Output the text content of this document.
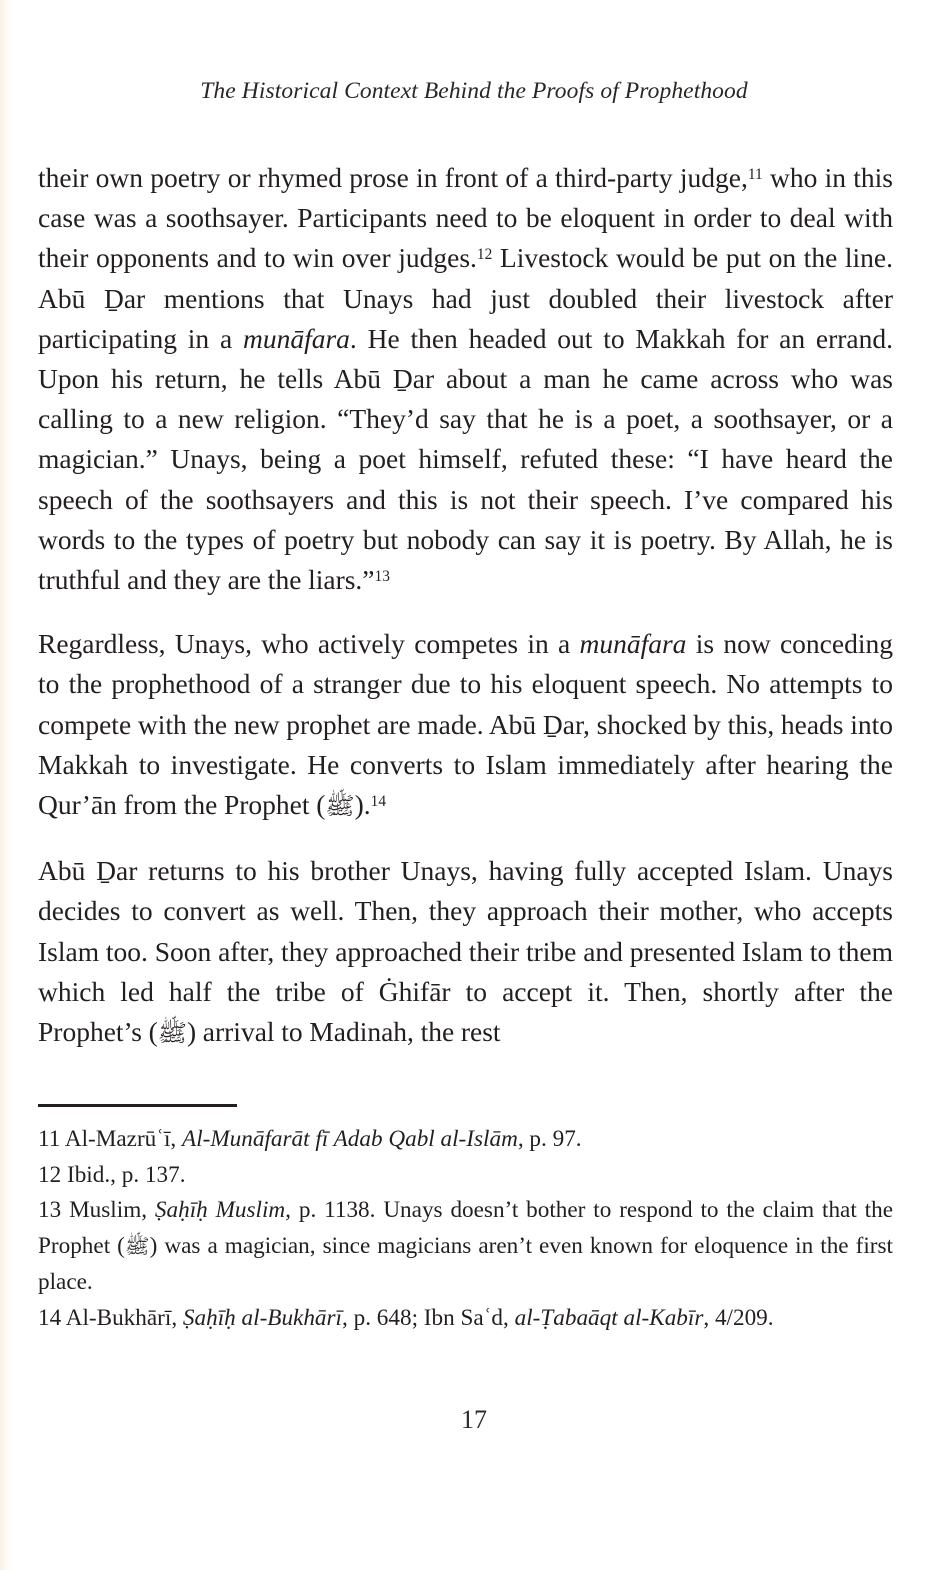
The Historical Context Behind the Proofs of Prophethood

their own poetry or rhymed prose in front of a third-party judge,$^{11}$ who in this case was a soothsayer. Participants need to be eloquent in order to deal with their opponents and to win over judges.$^{12}$ Livestock would be put on the line. Abū Ḏar mentions that Unays had just doubled their livestock after participating in a munāfara. He then headed out to Makkah for an errand. Upon his return, he tells Abū Ḏar about a man he came across who was calling to a new religion. “They’d say that he is a poet, a soothsayer, or a magician.” Unays, being a poet himself, refuted these: “I have heard the speech of the soothsayers and this is not their speech. I’ve compared his words to the types of poetry but nobody can say it is poetry. By Allah, he is truthful and they are the liars.”$^{13}$

Regardless, Unays, who actively competes in a munāfara is now conceding to the prophethood of a stranger due to his eloquent speech. No attempts to compete with the new prophet are made. Abū Ḏar, shocked by this, heads into Makkah to investigate. He converts to Islam immediately after hearing the Qur’ān from the Prophet (ﷺ).$^{14}$

Abū Ḏar returns to his brother Unays, having fully accepted Islam. Unays decides to convert as well. Then, they approach their mother, who accepts Islam too. Soon after, they approached their tribe and presented Islam to them which led half the tribe of Ġhifār to accept it. Then, shortly after the Prophet’s (ﷺ) arrival to Madinah, the rest

11 Al-Mazrūʿī, Al-Munāfarāt fī Adab Qabl al-Islām, p. 97.

12 Ibid., p. 137.

13 Muslim, Ṣaḥīḥ Muslim, p. 1138. Unays doesn’t bother to respond to the claim that the Prophet (ﷺ) was a magician, since magicians aren’t even known for eloquence in the first place.

14 Al-Bukhārī, Ṣaḥīḥ al-Bukhārī, p. 648; Ibn Saʿd, al-Ṭabaāqt al-Kabīr, 4/209.

17
